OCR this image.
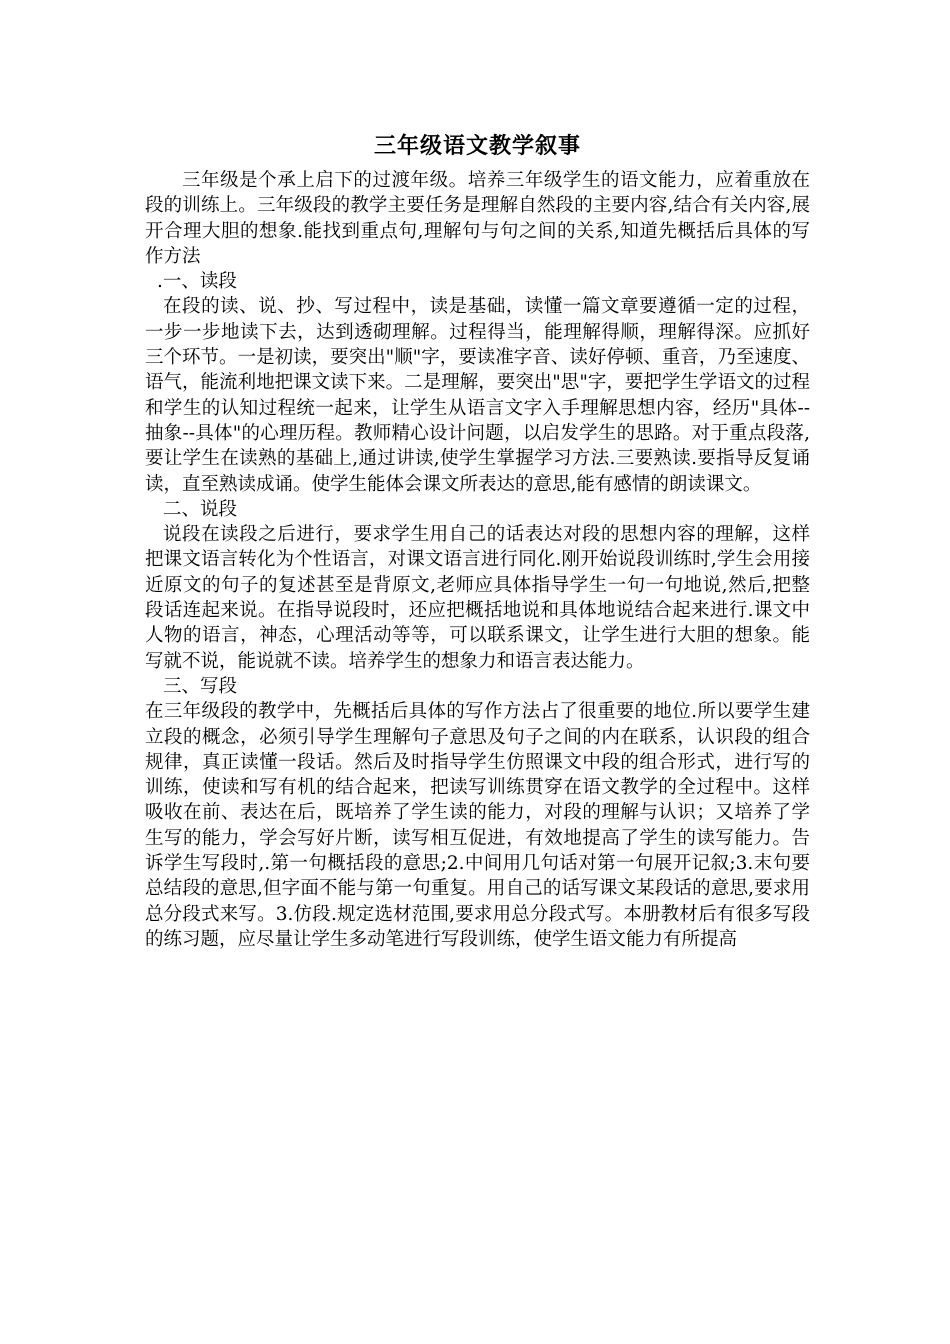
三年级语文教学叙事

三年级是个承上启下的过渡年级。培养三年级学生的语文能力，应着重放在段的训练上。三年级段的教学主要任务是理解自然段的主要内容,结合有关内容,展开合理大胆的想象.能找到重点句,理解句与句之间的关系,知道先概括后具体的写作方法

.一、读段

在段的读、说、抄、写过程中，读是基础，读懂一篇文章要遵循一定的过程，一步一步地读下去，达到透砌理解。过程得当，能理解得顺，理解得深。应抓好三个环节。一是初读，要突出"顺"字，要读准字音、读好停顿、重音，乃至速度、语气，能流利地把课文读下来。二是理解，要突出"思"字，要把学生学语文的过程和学生的认知过程统一起来，让学生从语言文字入手理解思想内容，经历"具体--抽象--具体"的心理历程。教师精心设计问题，以启发学生的思路。对于重点段落,要让学生在读熟的基础上,通过讲读,使学生掌握学习方法.三要熟读.要指导反复诵读，直至熟读成诵。使学生能体会课文所表达的意思,能有感情的朗读课文。

二、说段

说段在读段之后进行，要求学生用自己的话表达对段的思想内容的理解，这样把课文语言转化为个性语言，对课文语言进行同化.刚开始说段训练时,学生会用接近原文的句子的复述甚至是背原文,老师应具体指导学生一句一句地说,然后,把整段话连起来说。在指导说段时，还应把概括地说和具体地说结合起来进行.课文中人物的语言，神态，心理活动等等，可以联系课文，让学生进行大胆的想象。能写就不说，能说就不读。培养学生的想象力和语言表达能力。

三、写段

在三年级段的教学中，先概括后具体的写作方法占了很重要的地位.所以要学生建立段的概念，必须引导学生理解句子意思及句子之间的内在联系，认识段的组合规律，真正读懂一段话。然后及时指导学生仿照课文中段的组合形式，进行写的训练，使读和写有机的结合起来，把读写训练贯穿在语文教学的全过程中。这样吸收在前、表达在后，既培养了学生读的能力，对段的理解与认识；又培养了学生写的能力，学会写好片断，读写相互促进，有效地提高了学生的读写能力。告诉学生写段时,.第一句概括段的意思;2.中间用几句话对第一句展开记叙;3.末句要总结段的意思,但字面不能与第一句重复。用自己的话写课文某段话的意思,要求用总分段式来写。3.仿段.规定选材范围,要求用总分段式写。本册教材后有很多写段的练习题，应尽量让学生多动笔进行写段训练，使学生语文能力有所提高
